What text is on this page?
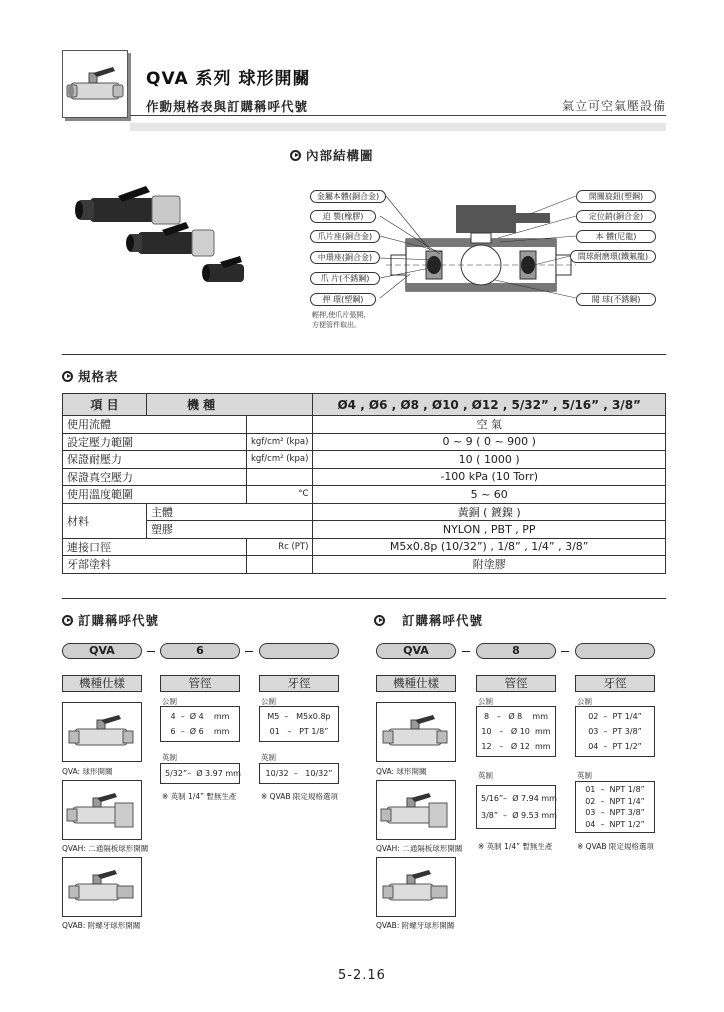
QVA 系列 球形開關
作動規格表與訂購稱呼代號	氣立可空氣壓設備
內部結構圖
金屬本體(銅合金)
迫 製(橡膠)
爪片座(銅合金)
中環座(銅合金)
爪 片(不銹鋼)
押 環(塑鋼)
輕押,使爪片張開,
方便管件取出。
開關旋鈕(塑鋼)
定位銷(銅合金)
本 體(尼龍)
間球耐磨環(鐵氟龍)
閥 球(不銹鋼)
規格表
項 目	機 種		Ø4 , Ø6 , Ø8 , Ø10 , Ø12 , 5/32” , 5/16” , 3/8”
使用流體			空 氣
設定壓力範圍		kgf/cm² (kpa)	0 ~ 9 ( 0 ~ 900 )
保證耐壓力		kgf/cm² (kpa)	10 ( 1000 )
保證真空壓力			-100 kPa (10 Torr)
使用溫度範圍		°C	5 ~ 60
材料	主體		黃銅 ( 鍍鎳 )
	塑膠		NYLON , PBT , PP
連接口徑		Rc (PT)	M5x0.8p (10/32”) , 1/8” , 1/4” , 3/8”
牙部塗料			附塗膠
訂購稱呼代號
QVA	6
機種仕樣	管徑	牙徑
公制
4  –  Ø 4    mm
6  –  Ø 6    mm
英制
5/32”–  Ø 3.97 mm
※ 英制 1/4” 暫無生產
公制
M5  –   M5x0.8p
01   –   PT 1/8”
英制
10/32  –   10/32”
※ QVAB 限定規格選項
QVA: 球形開關
QVAH: 二通隔板球形開關
QVAB: 附螺牙球形開關
訂購稱呼代號
QVA	8
機種仕樣	管徑	牙徑
公制
8   –   Ø 8    mm
10   –   Ø 10  mm
12   –   Ø 12  mm
英制
5/16”–  Ø 7.94 mm
3/8”  –  Ø 9.53 mm
※ 英制 1/4” 暫無生產
公制
02  –  PT 1/4”
03  –  PT 3/8”
04  –  PT 1/2”
英制
01  –  NPT 1/8”
02  –  NPT 1/4”
03  –  NPT 3/8”
04  –  NPT 1/2”
※ QVAB 限定規格選項
QVA: 球形開關
QVAH: 二通隔板球形開關
QVAB: 附螺牙球形開關
5-2.16
